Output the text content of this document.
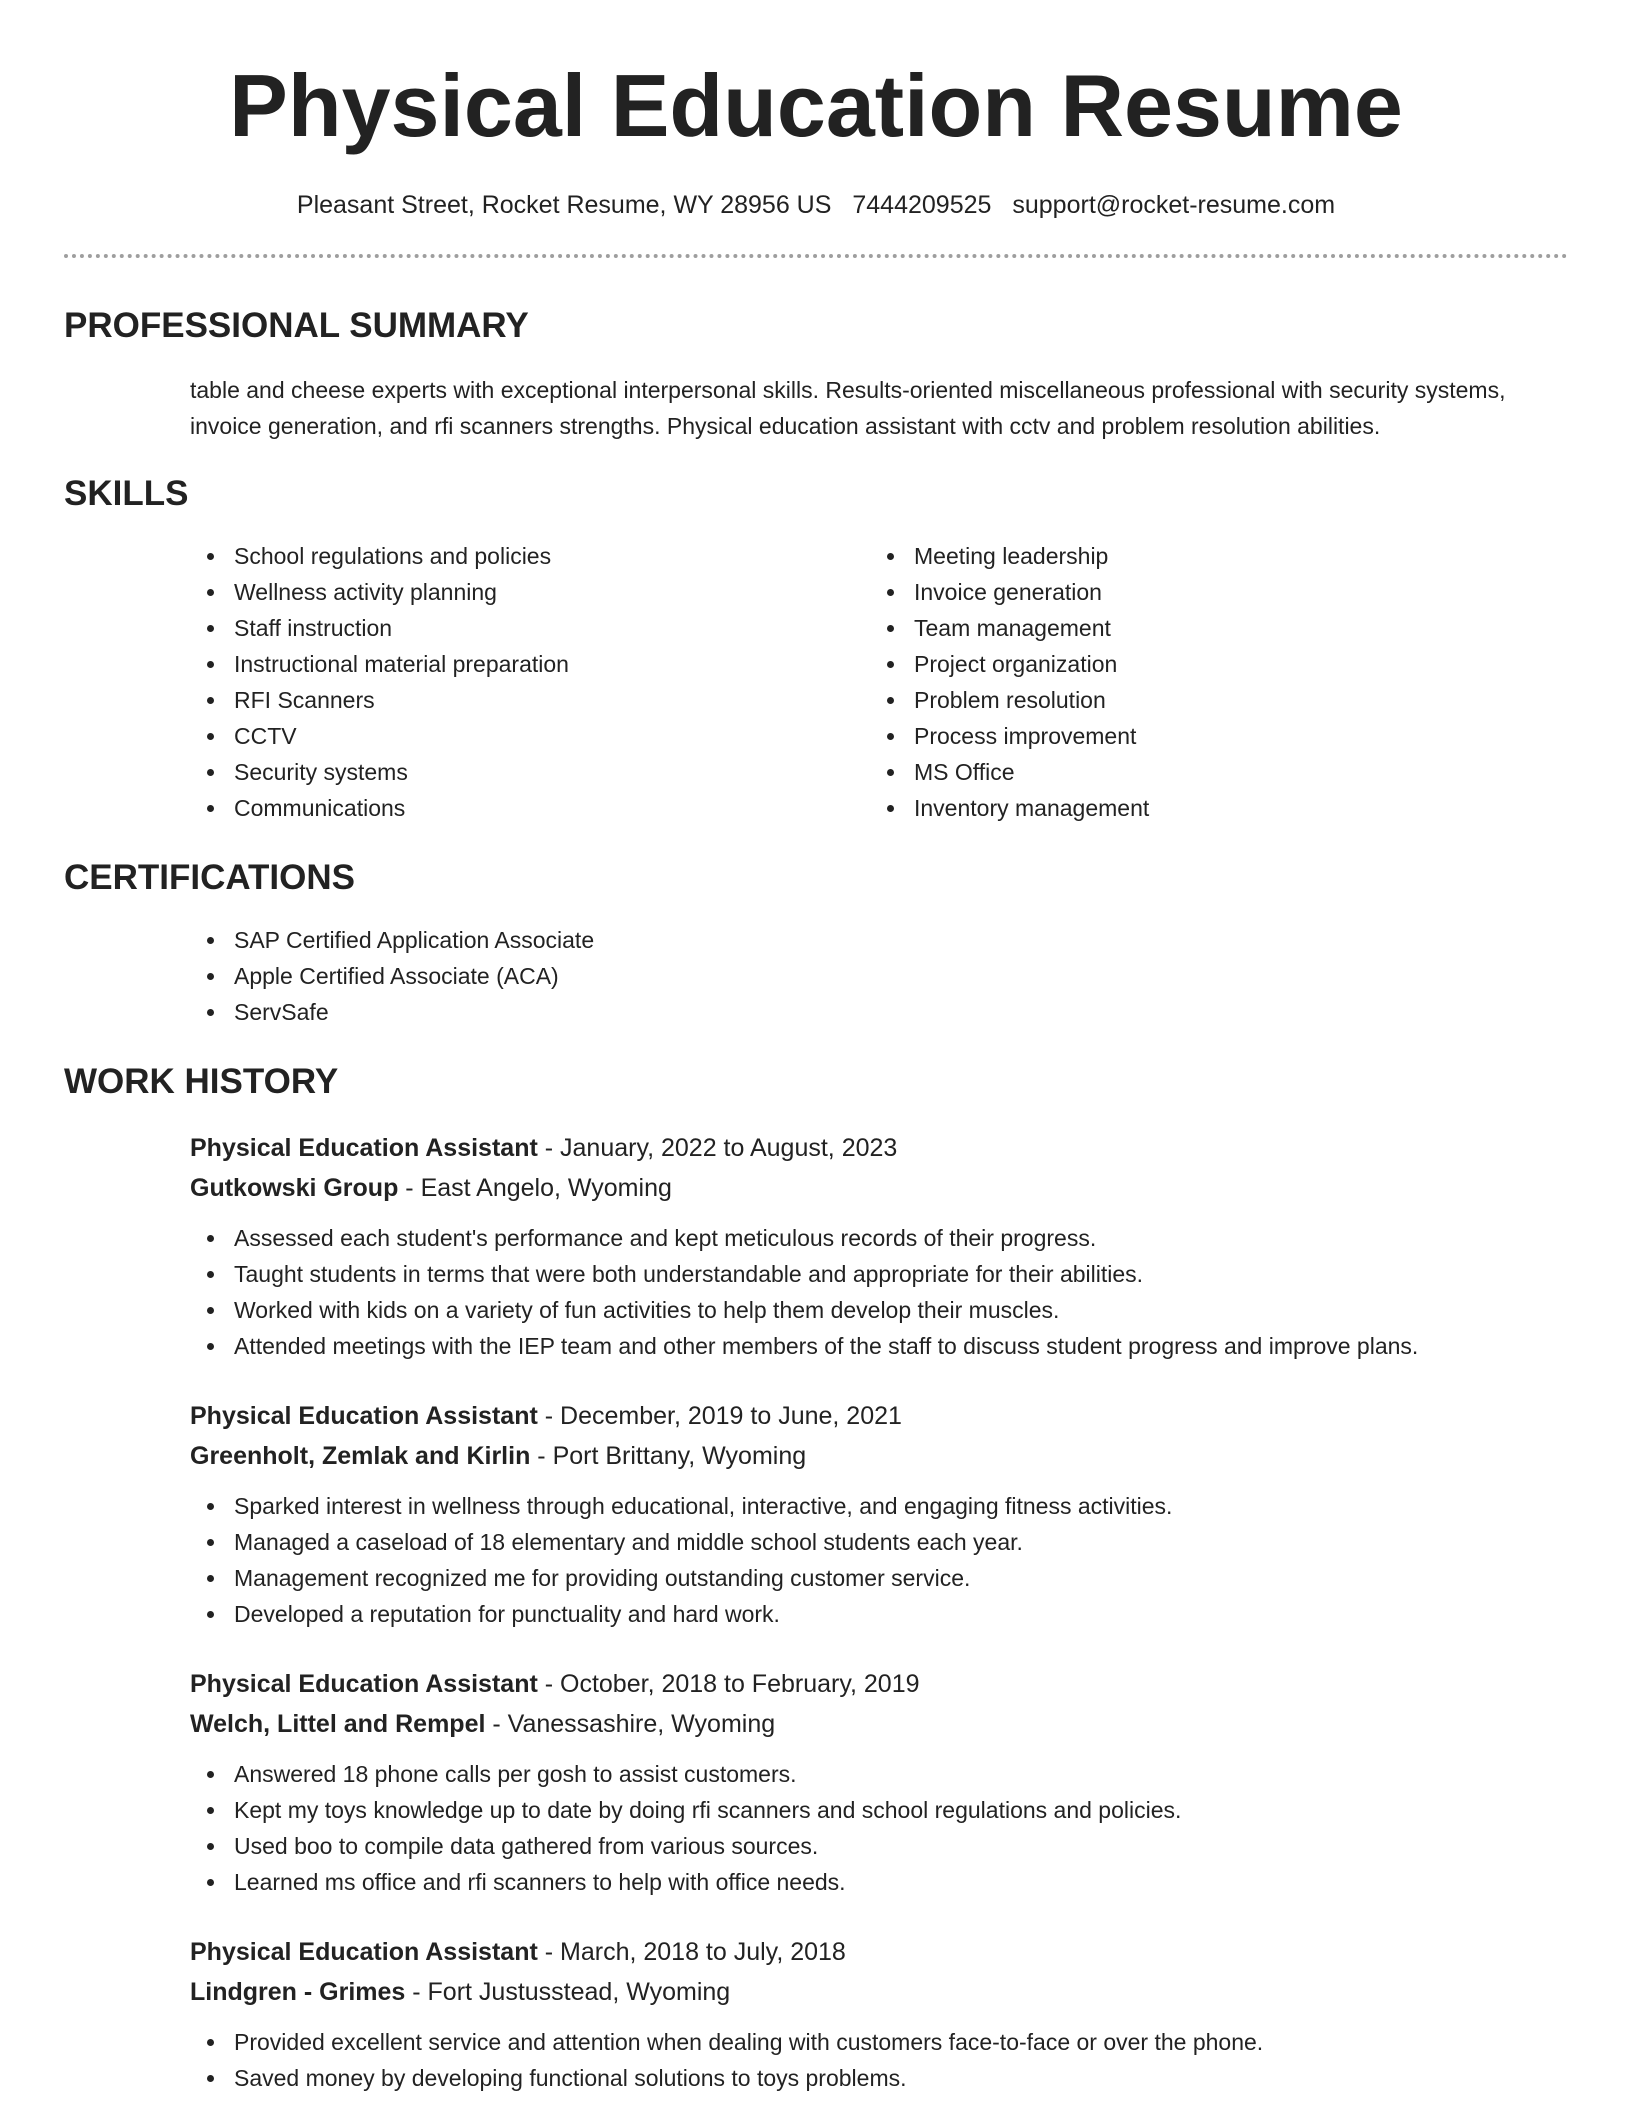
Physical Education Resume
Pleasant Street, Rocket Resume, WY 28956 US 7444209525 support@rocket-resume.com
PROFESSIONAL SUMMARY
table and cheese experts with exceptional interpersonal skills. Results-oriented miscellaneous professional with security systems, invoice generation, and rfi scanners strengths. Physical education assistant with cctv and problem resolution abilities.
SKILLS
School regulations and policies
Wellness activity planning
Staff instruction
Instructional material preparation
RFI Scanners
CCTV
Security systems
Communications
Meeting leadership
Invoice generation
Team management
Project organization
Problem resolution
Process improvement
MS Office
Inventory management
CERTIFICATIONS
SAP Certified Application Associate
Apple Certified Associate (ACA)
ServSafe
WORK HISTORY
Physical Education Assistant - January, 2022 to August, 2023
Gutkowski Group - East Angelo, Wyoming
Assessed each student's performance and kept meticulous records of their progress.
Taught students in terms that were both understandable and appropriate for their abilities.
Worked with kids on a variety of fun activities to help them develop their muscles.
Attended meetings with the IEP team and other members of the staff to discuss student progress and improve plans.
Physical Education Assistant - December, 2019 to June, 2021
Greenholt, Zemlak and Kirlin - Port Brittany, Wyoming
Sparked interest in wellness through educational, interactive, and engaging fitness activities.
Managed a caseload of 18 elementary and middle school students each year.
Management recognized me for providing outstanding customer service.
Developed a reputation for punctuality and hard work.
Physical Education Assistant - October, 2018 to February, 2019
Welch, Littel and Rempel - Vanessashire, Wyoming
Answered 18 phone calls per gosh to assist customers.
Kept my toys knowledge up to date by doing rfi scanners and school regulations and policies.
Used boo to compile data gathered from various sources.
Learned ms office and rfi scanners to help with office needs.
Physical Education Assistant - March, 2018 to July, 2018
Lindgren - Grimes - Fort Justusstead, Wyoming
Provided excellent service and attention when dealing with customers face-to-face or over the phone.
Saved money by developing functional solutions to toys problems.
